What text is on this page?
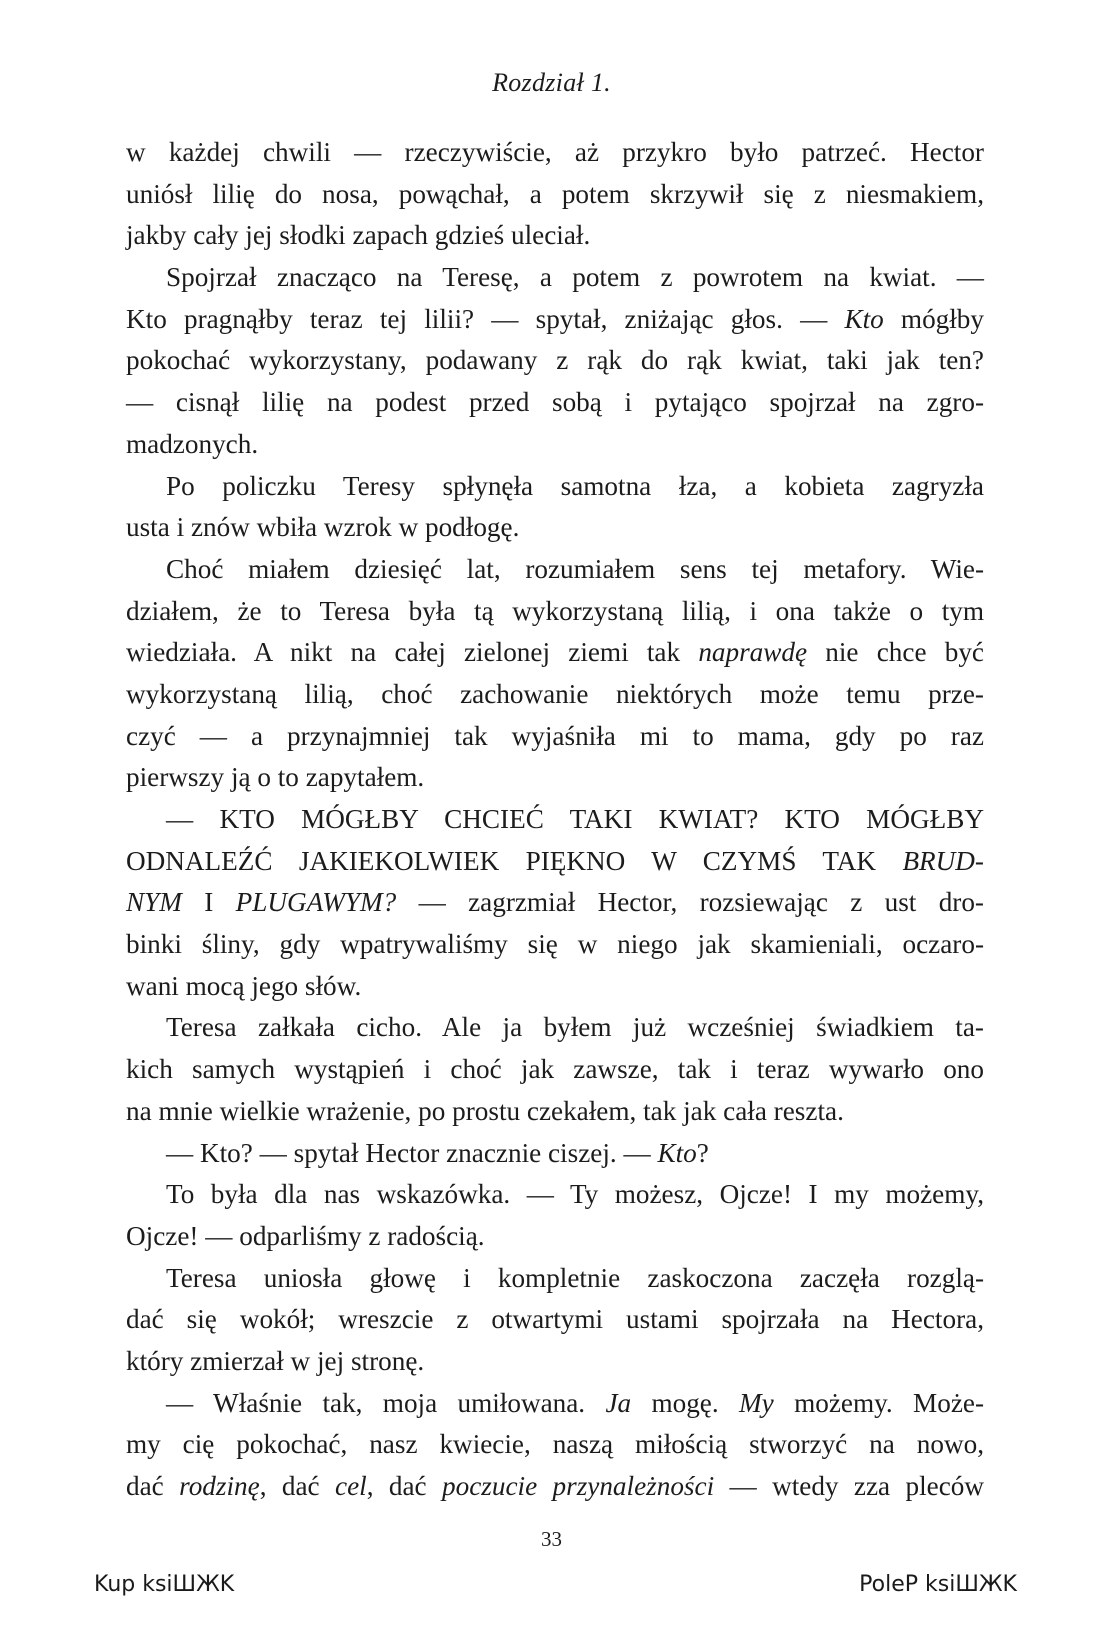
Rozdział 1.
w każdej chwili — rzeczywiście, aż przykro było patrzeć. Hector
uniósł lilię do nosa, powąchał, a potem skrzywił się z niesmakiem,
jakby cały jej słodki zapach gdzieś uleciał.
Spojrzał znacząco na Teresę, a potem z powrotem na kwiat. —
Kto pragnąłby teraz tej lilii? — spytał, zniżając głos. — Kto mógłby
pokochać wykorzystany, podawany z rąk do rąk kwiat, taki jak ten?
— cisnął lilię na podest przed sobą i pytająco spojrzał na zgro-
madzonych.
Po policzku Teresy spłynęła samotna łza, a kobieta zagryzła
usta i znów wbiła wzrok w podłogę.
Choć miałem dziesięć lat, rozumiałem sens tej metafory. Wie-
działem, że to Teresa była tą wykorzystaną lilią, i ona także o tym
wiedziała. A nikt na całej zielonej ziemi tak naprawdę nie chce być
wykorzystaną lilią, choć zachowanie niektórych może temu prze-
czyć — a przynajmniej tak wyjaśniła mi to mama, gdy po raz
pierwszy ją o to zapytałem.
— KTO MÓGŁBY CHCIEĆ TAKI KWIAT? KTO MÓGŁBY
ODNALEŹĆ JAKIEKOLWIEK PIĘKNO W CZYMŚ TAK BRUD-
NYM I PLUGAWYM? — zagrzmiał Hector, rozsiewając z ust dro-
binki śliny, gdy wpatrywaliśmy się w niego jak skamieniali, oczaro-
wani mocą jego słów.
Teresa załkała cicho. Ale ja byłem już wcześniej świadkiem ta-
kich samych wystąpień i choć jak zawsze, tak i teraz wywarło ono
na mnie wielkie wrażenie, po prostu czekałem, tak jak cała reszta.
— Kto? — spytał Hector znacznie ciszej. — Kto?
To była dla nas wskazówka. — Ty możesz, Ojcze! I my możemy,
Ojcze! — odparliśmy z radością.
Teresa uniosła głowę i kompletnie zaskoczona zaczęła rozglą-
dać się wokół; wreszcie z otwartymi ustami spojrzała na Hectora,
który zmierzał w jej stronę.
— Właśnie tak, moja umiłowana. Ja mogę. My możemy. Może-
my cię pokochać, nasz kwiecie, naszą miłością stworzyć na nowo,
dać rodzinę, dać cel, dać poczucie przynależności — wtedy zza pleców
33
Kup ksiШЖK	PoleP ksiШЖK
